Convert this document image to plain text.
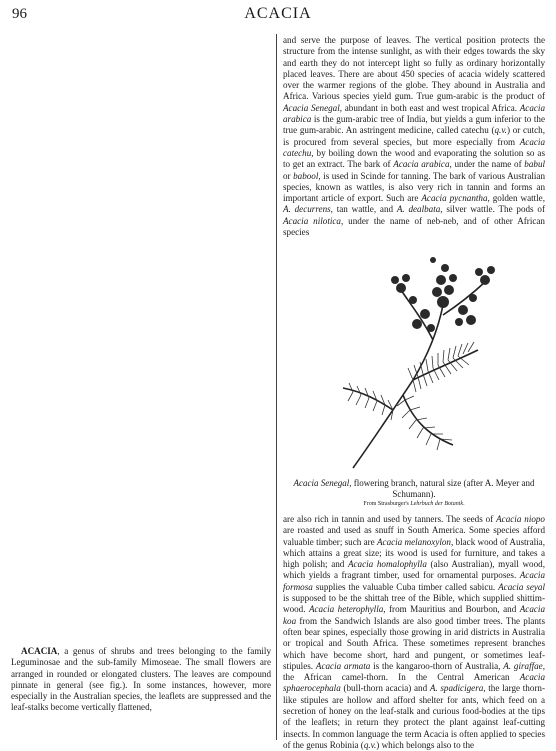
96	ACACIA

and serve the purpose of leaves. The vertical position protects the structure from the intense sunlight, as with their edges towards the sky and earth they do not intercept light so fully as ordinary horizontally placed leaves. There are about 450 species of acacia widely scattered over the warmer regions of the globe. They abound in Australia and Africa. Various species yield gum. True gum-arabic is the product of Acacia Senegal, abundant in both east and west tropical Africa. Acacia arabica is the gum-arabic tree of India, but yields a gum inferior to the true gum-arabic. An astringent medicine, called catechu (q.v.) or cutch, is procured from several species, but more especially from Acacia catechu, by boiling down the wood and evaporating the solution so as to get an extract. The bark of Acacia arabica, under the name of babul or babool, is used in Scinde for tanning. The bark of various Australian species, known as wattles, is also very rich in tannin and forms an important article of export. Such are Acacia pycnantha, golden wattle, A. decurrens, tan wattle, and A. dealbata, silver wattle. The pods of Acacia nilotica, under the name of neb-neb, and of other African species

Acacia Senegal, flowering branch, natural size (after A. Meyer and Schumann).
From Strasburger's Lehrbuch der Botanik.

are also rich in tannin and used by tanners. The seeds of Acacia niopo are roasted and used as snuff in South America. Some species afford valuable timber; such are Acacia melanoxylon, black wood of Australia, which attains a great size; its wood is used for furniture, and takes a high polish; and Acacia homalophylla (also Australian), myall wood, which yields a fragrant timber, used for ornamental purposes. Acacia formosa supplies the valuable Cuba timber called sabicu. Acacia seyal is supposed to be the shittah tree of the Bible, which supplied shittim-wood. Acacia heterophylla, from Mauritius and Bourbon, and Acacia koa from the Sandwich Islands are also good timber trees. The plants often bear spines, especially those growing in arid districts in Australia or tropical and South Africa. These sometimes represent branches which have become short, hard and pungent, or sometimes leaf-stipules. Acacia armata is the kangaroo-thorn of Australia, A. giraffae, the African camel-thorn. In the Central American Acacia sphaerocephala (bull-thorn acacia) and A. spadicigera, the large thorn-like stipules are hollow and afford shelter for ants, which feed on a secretion of honey on the leaf-stalk and curious food-bodies at the tips of the leaflets; in return they protect the plant against leaf-cutting insects. In common language the term Acacia is often applied to species of the genus Robinia (q.v.) which belongs also to the

ACACIA, a genus of shrubs and trees belonging to the family Leguminosae and the sub-family Mimoseae. The small flowers are arranged in rounded or elongated clusters. The leaves are compound pinnate in general (see fig.). In some instances, however, more especially in the Australian species, the leaflets are suppressed and the leaf-stalks become vertically flattened,
